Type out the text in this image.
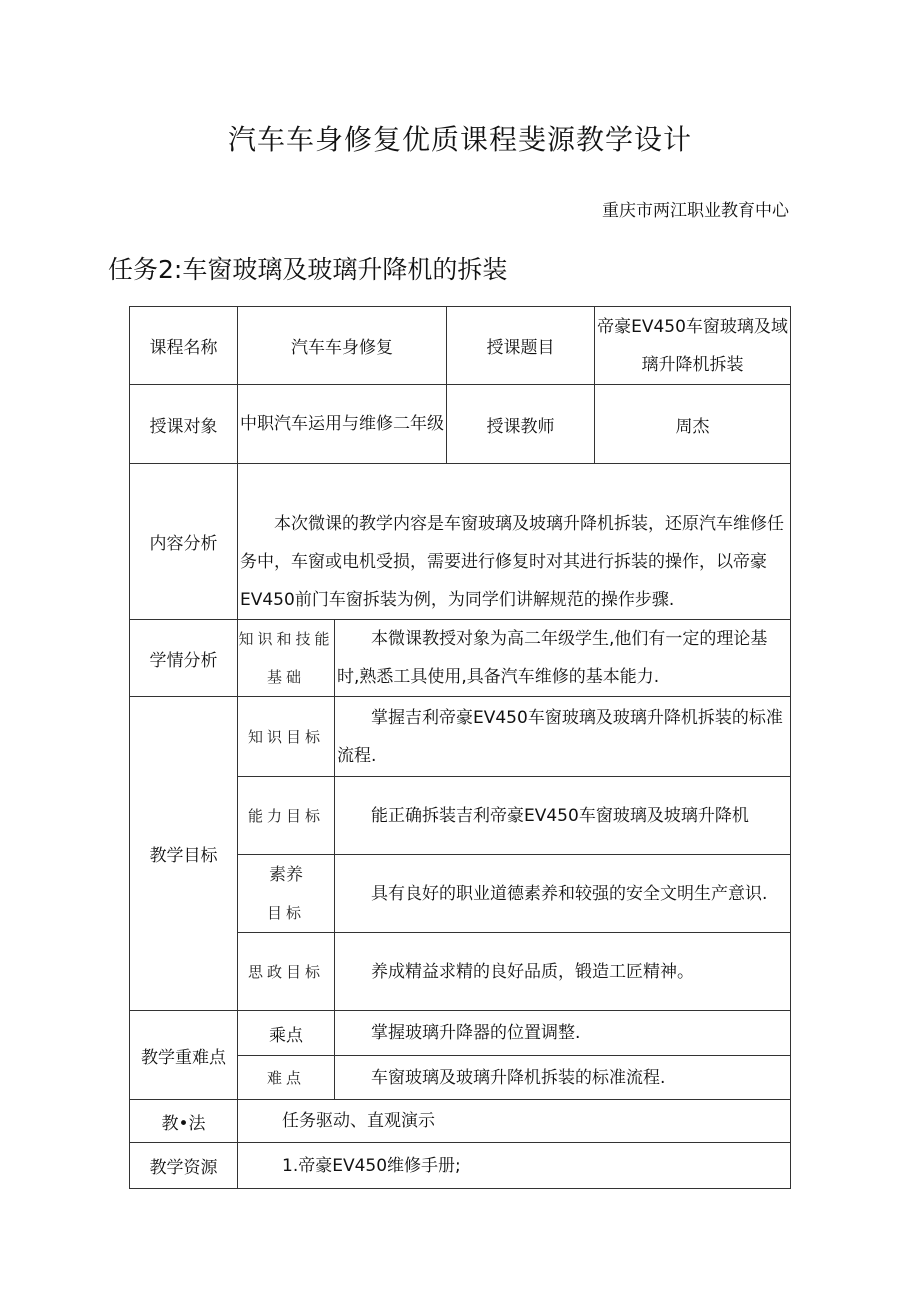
汽车车身修复优质课程斐源教学设计
重庆市两江职业教育中心
任务2:车窗玻璃及玻璃升降机的拆装
课程名称	汽车车身修复		授课题目	帝豪EV450车窗玻璃及域璃升降机拆装
授课对象	中职汽车运用与维修二年级		授课教师	周杰
内容分析	本次微课的教学内容是车窗玻璃及坡璃升降机拆装，还原汽车维修任务中，车窗或电机受损，需要进行修复时对其进行拆装的操作，以帝豪EV450前门车窗拆装为例，为同学们讲解规范的操作步骤.			
学情分析	知识和技能基础	本微课教授对象为高二年级学生,他们有一定的理论基时,熟悉工具使用,具备汽车维修的基本能力.		
教学目标	知识目标	掌握吉利帝豪EV450车窗玻璃及玻璃升降机拆装的标准流程.		
	能力目标	能正确拆装吉利帝豪EV450车窗玻璃及坡璃升降机		
	素养
目标	具有良好的职业道德素养和较强的安全文明生产意识.		
	思政目标	养成精益求精的良好品质，锻造工匠精神。		
教学重难点	乘点	掌握玻璃升降器的位置调整.		
	难点	车窗玻璃及玻璃升降机拆装的标准流程.		
教•法	任务驱动、直观演示			
教学资源	1.帝豪EV450维修手册;			
